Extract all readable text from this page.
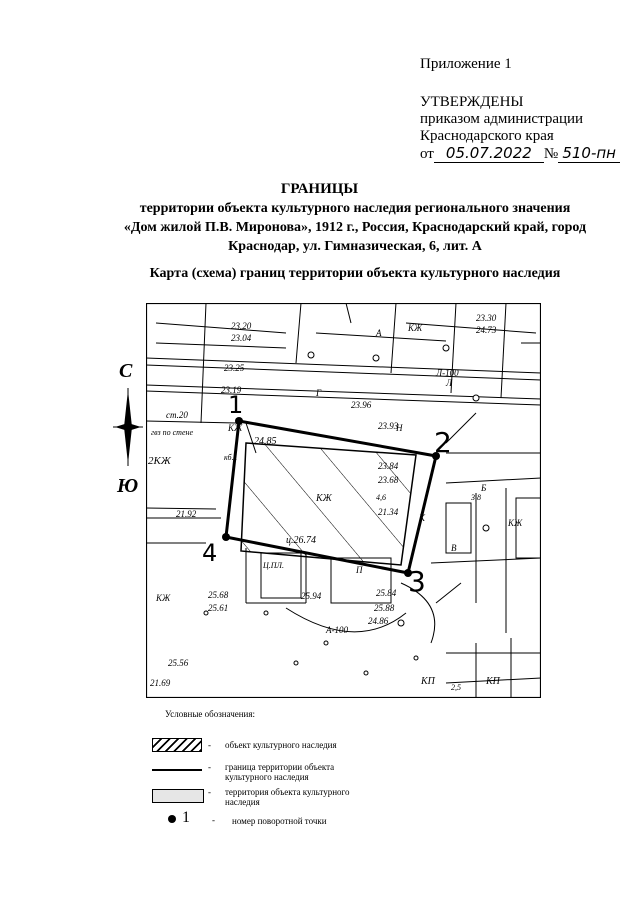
Приложение 1
УТВЕРЖДЕНЫ
приказом администрации
Краснодарского края
от 05.07.2022 № 510-пн
ГРАНИЦЫ
территории объекта культурного наследия регионального значения
«Дом жилой П.В. Миронова», 1912 г., Россия, Краснодарский край, город
Краснодар, ул. Гимназическая, 6, лит. А
Карта (схема) границ территории объекта культурного наследия
С
Ю
1
2
3
4
КЖ
КЖ
КЖ
КЖ
КЖ
КП
КП
2КЖ
Н
П
Ц.ПЛ.
23.20
23.04
23.25
23.19
23.96
24.85
23.84
23.68
21.34
21.92
25.68
25.61
25.94	25.84
25.88
24.86
25.56
21.69
23.30
24.73
23.93
2,5
3,8
4,6
ц.26.74
кб.1
гвз по стене
ст.20
Г
Л
А
Б
В
К
Л-100
А-100
Условные обозначения:
- объект культурного наследия
- граница территории объекта культурного наследия
- территория объекта культурного наследия
1 - номер поворотной точки
